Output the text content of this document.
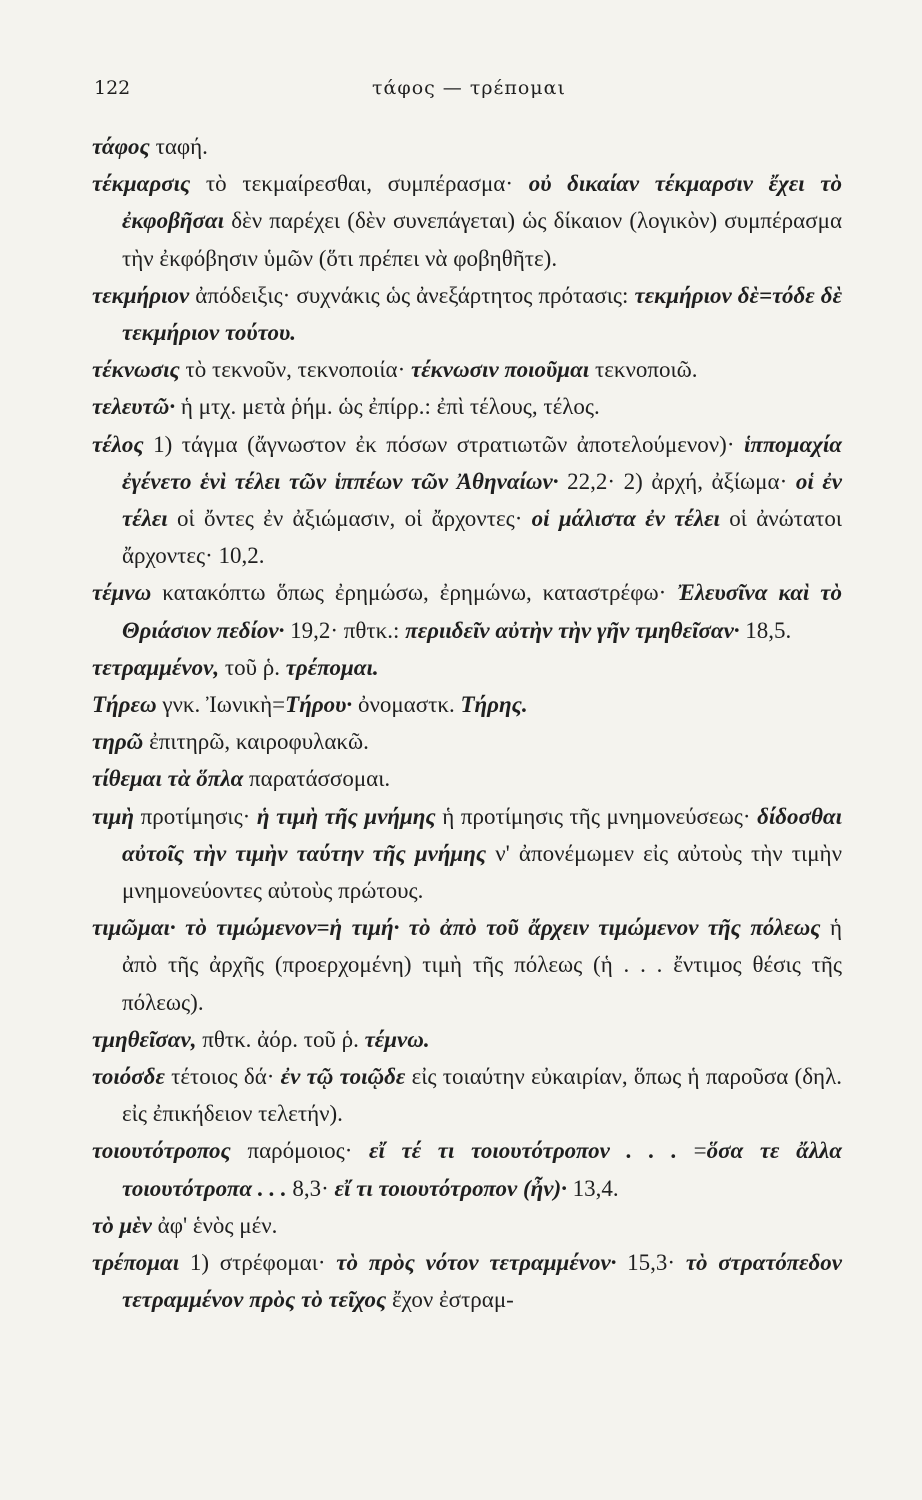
122	τάφος — τρέπομαι

τάφος ταφή.

τέκμαρσις τὸ τεκμαίρεσθαι, συμπέρασμα· οὐ δικαίαν τέκμαρσιν ἔχει τὸ ἐκφοβῆσαι δὲν παρέχει (δὲν συνεπάγεται) ὡς δίκαιον (λογικὸν) συμπέρασμα τὴν ἐκφόβησιν ὑμῶν (ὅτι πρέπει νὰ φοβηθῆτε).

τεκμήριον ἀπόδειξις· συχνάκις ὡς ἀνεξάρτητος πρότασις: τεκμήριον δὲ=τόδε δὲ τεκμήριον τούτου.

τέκνωσις τὸ τεκνοῦν, τεκνοποιία· τέκνωσιν ποιοῦμαι τεκνοποιῶ.

τελευτῶ· ἡ μτχ. μετὰ ῥήμ. ὡς ἐπίρρ.: ἐπὶ τέλους, τέλος.

τέλος 1) τάγμα (ἄγνωστον ἐκ πόσων στρατιωτῶν ἀποτελούμενον)· ἱππομαχία ἐγένετο ἑνὶ τέλει τῶν ἱππέων τῶν Ἀθηναίων· 22,2· 2) ἀρχή, ἀξίωμα· οἱ ἐν τέλει οἱ ὄντες ἐν ἀξιώμασιν, οἱ ἄρχοντες· οἱ μάλιστα ἐν τέλει οἱ ἀνώτατοι ἄρχοντες· 10,2.

τέμνω κατακόπτω ὅπως ἐρημώσω, ἐρημώνω, καταστρέφω· Ἐλευσῖνα καὶ τὸ Θριάσιον πεδίον· 19,2· πθτκ.: περιιδεῖν αὐτὴν τὴν γῆν τμηθεῖσαν· 18,5.

τετραμμένον, τοῦ ῥ. τρέπομαι.

Τήρεω γνκ. Ἰωνικὴ=Τήρου· ὀνομαστκ. Τήρης.

τηρῶ ἐπιτηρῶ, καιροφυλακῶ.

τίθεμαι τὰ ὅπλα παρατάσσομαι.

τιμὴ προτίμησις· ἡ τιμὴ τῆς μνήμης ἡ προτίμησις τῆς μνημονεύσεως· δίδοσθαι αὐτοῖς τὴν τιμὴν ταύτην τῆς μνήμης ν' ἀπονέμωμεν εἰς αὐτοὺς τὴν τιμὴν μνημονεύοντες αὐτοὺς πρώτους.

τιμῶμαι· τὸ τιμώμενον=ἡ τιμή· τὸ ἀπὸ τοῦ ἄρχειν τιμώμενον τῆς πόλεως ἡ ἀπὸ τῆς ἀρχῆς (προερχομένη) τιμὴ τῆς πόλεως (ἡ . . . ἔντιμος θέσις τῆς πόλεως).

τμηθεῖσαν, πθτκ. ἀόρ. τοῦ ῥ. τέμνω.

τοιόσδε τέτοιος δά· ἐν τῷ τοιῷδε εἰς τοιαύτην εὐκαιρίαν, ὅπως ἡ παροῦσα (δηλ. εἰς ἐπικήδειον τελετήν).

τοιουτότροπος παρόμοιος· εἴ τέ τι τοιουτότροπον . . . =ὅσα τε ἄλλα τοιουτότροπα . . . 8,3· εἴ τι τοιουτότροπον (ἦν)· 13,4.

τὸ μὲν ἀφ' ἑνὸς μέν.

τρέπομαι 1) στρέφομαι· τὸ πρὸς νότον τετραμμένον· 15,3· τὸ στρατόπεδον τετραμμένον πρὸς τὸ τεῖχος ἔχον ἐστραμ-
